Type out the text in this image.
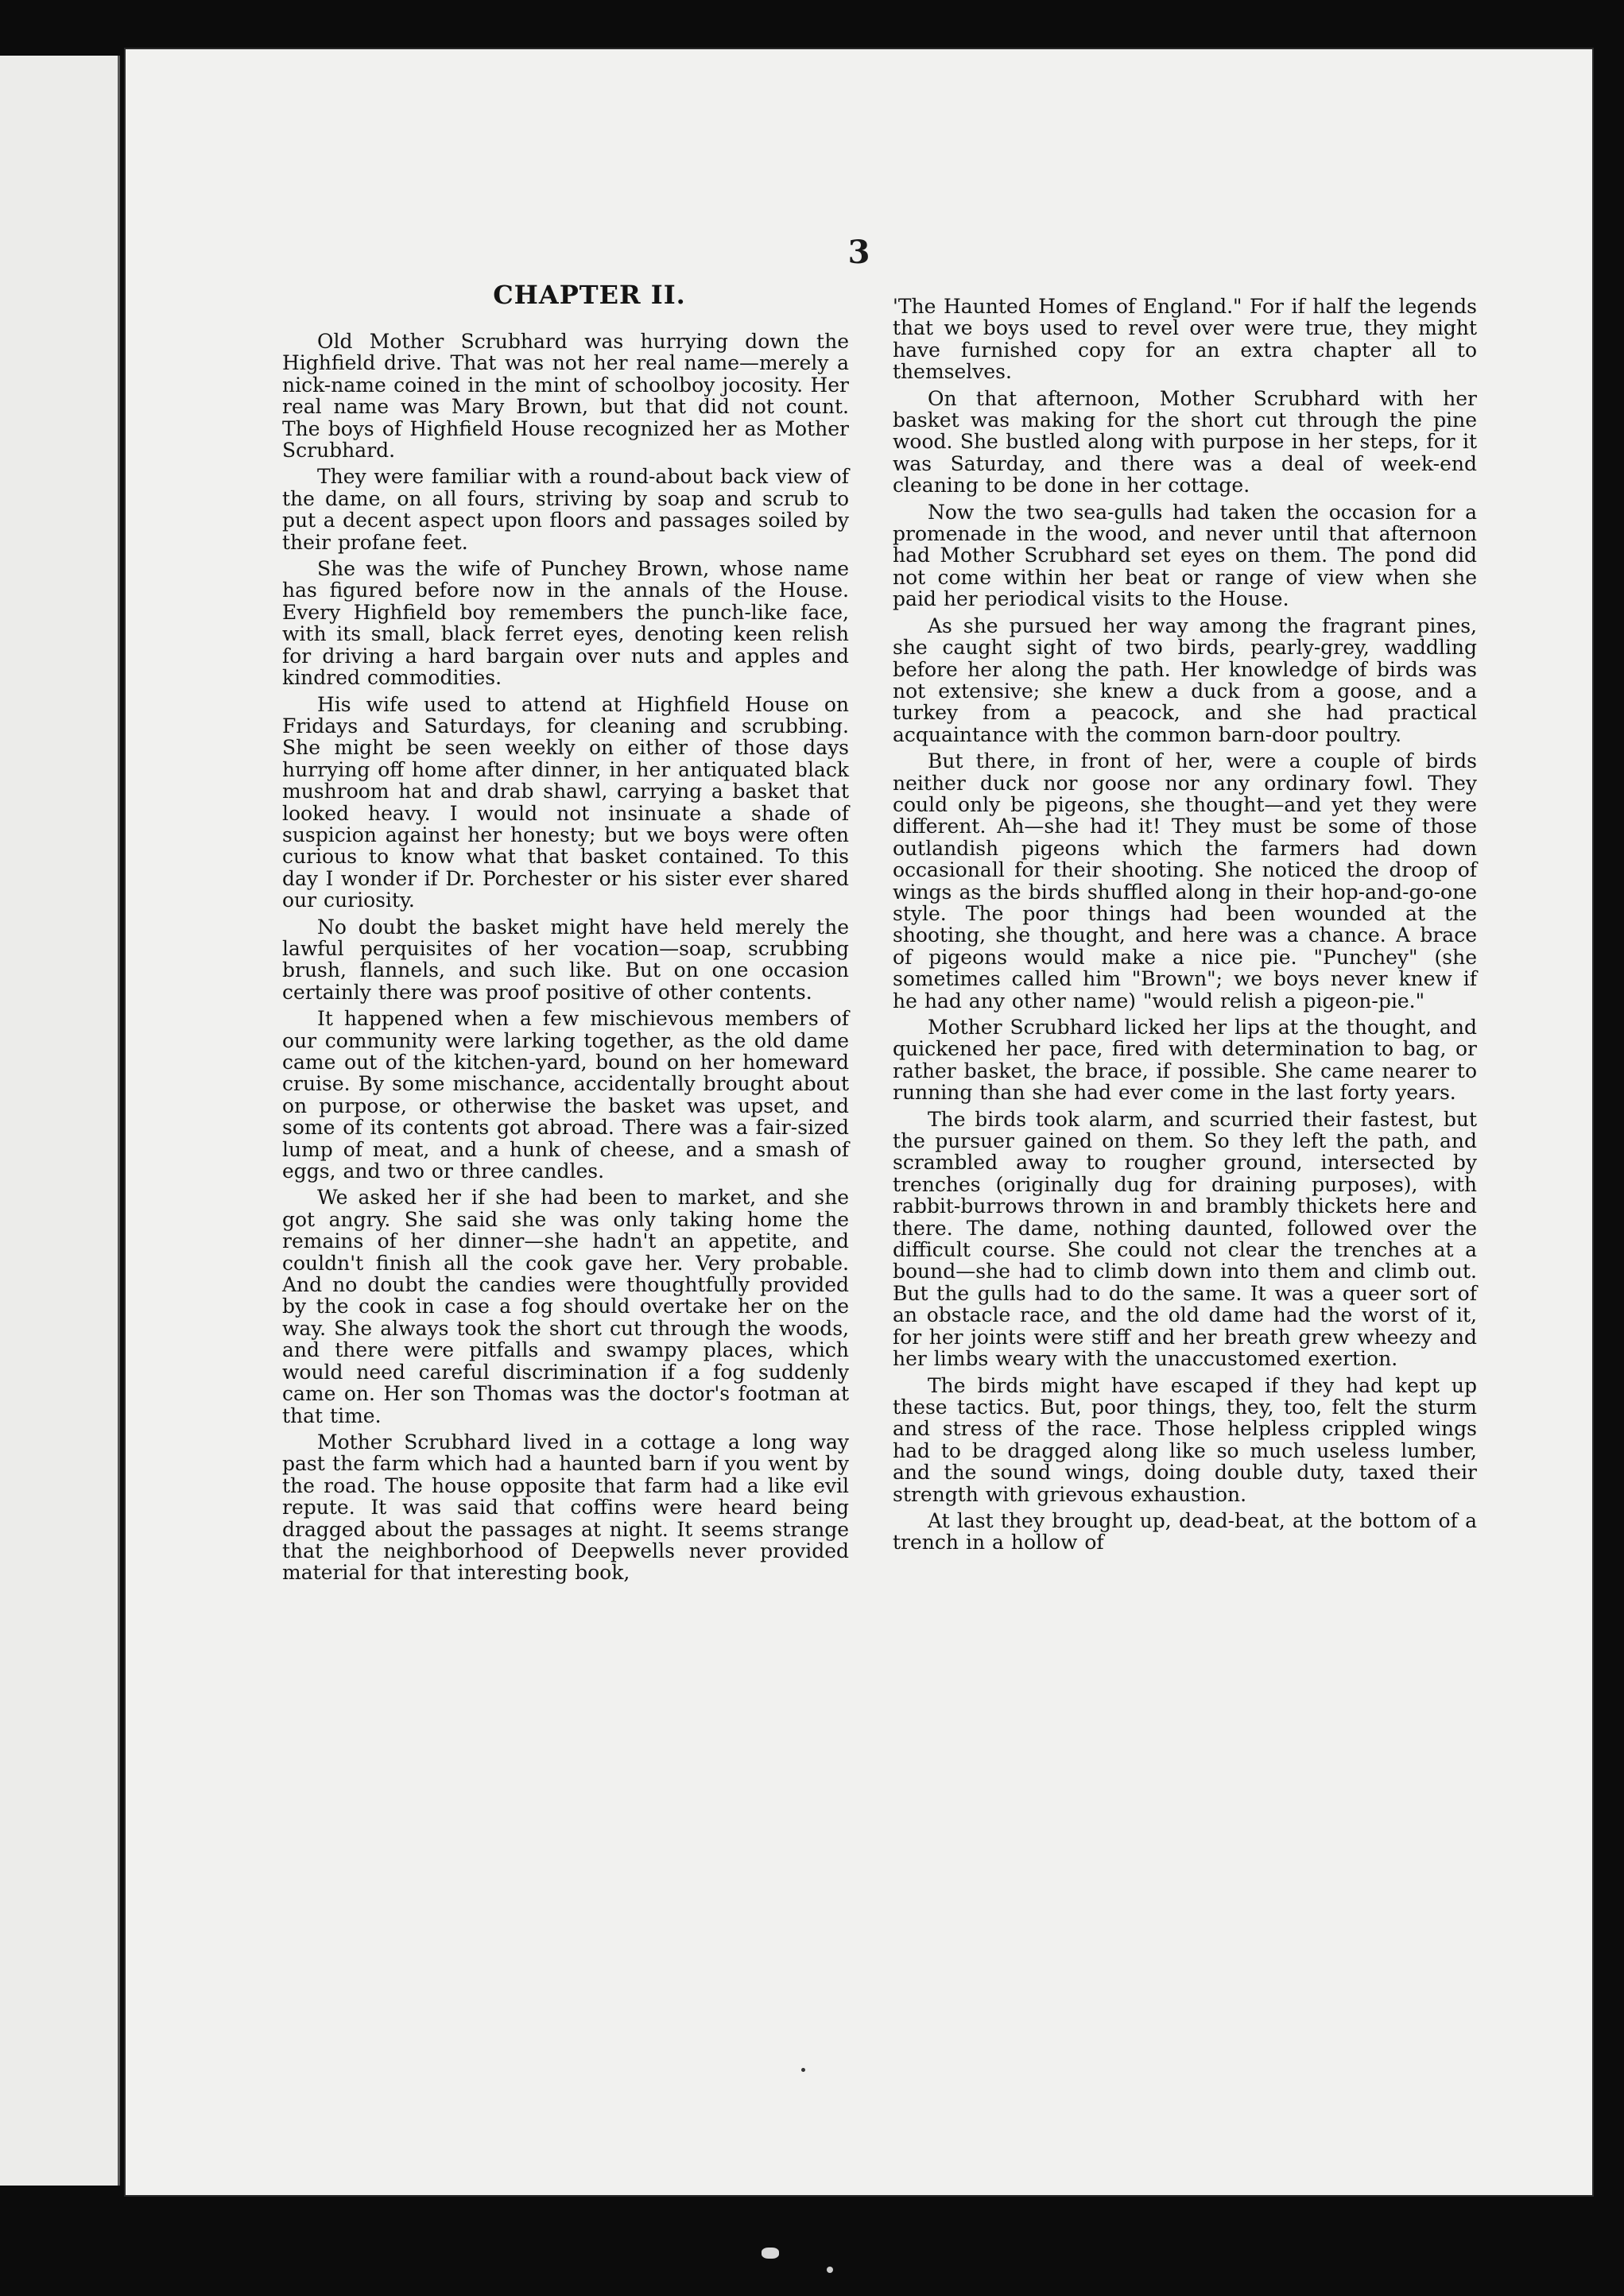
3
CHAPTER II.

Old Mother Scrubhard was hurrying down the Highfield drive. That was not her real name—merely a nick-name coined in the mint of schoolboy jocosity. Her real name was Mary Brown, but that did not count. The boys of Highfield House recognized her as Mother Scrubhard.

They were familiar with a round-about back view of the dame, on all fours, striving by soap and scrub to put a decent aspect upon floors and passages soiled by their profane feet.

She was the wife of Punchey Brown, whose name has figured before now in the annals of the House. Every Highfield boy remembers the punch-like face, with its small, black ferret eyes, denoting keen relish for driving a hard bargain over nuts and apples and kindred commodities.

His wife used to attend at Highfield House on Fridays and Saturdays, for cleaning and scrubbing. She might be seen weekly on either of those days hurrying off home after dinner, in her antiquated black mushroom hat and drab shawl, carrying a basket that looked heavy. I would not insinuate a shade of suspicion against her honesty; but we boys were often curious to know what that basket contained. To this day I wonder if Dr. Porchester or his sister ever shared our curiosity.

No doubt the basket might have held merely the lawful perquisites of her vocation—soap, scrubbing brush, flannels, and such like. But on one occasion certainly there was proof positive of other contents.

It happened when a few mischievous members of our community were larking together, as the old dame came out of the kitchen-yard, bound on her homeward cruise. By some mischance, accidentally brought about on purpose, or otherwise the basket was upset, and some of its contents got abroad. There was a fair-sized lump of meat, and a hunk of cheese, and a smash of eggs, and two or three candles.

We asked her if she had been to market, and she got angry. She said she was only taking home the remains of her dinner—she hadn't an appetite, and couldn't finish all the cook gave her. Very probable. And no doubt the candies were thoughtfully provided by the cook in case a fog should overtake her on the way. She always took the short cut through the woods, and there were pitfalls and swampy places, which would need careful discrimination if a fog suddenly came on. Her son Thomas was the doctor's footman at that time.

Mother Scrubhard lived in a cottage a long way past the farm which had a haunted barn if you went by the road. The house opposite that farm had a like evil repute. It was said that coffins were heard being dragged about the passages at night. It seems strange that the neighborhood of Deepwells never provided material for that interesting book,

'The Haunted Homes of England." For if half the legends that we boys used to revel over were true, they might have furnished copy for an extra chapter all to themselves.

On that afternoon, Mother Scrubhard with her basket was making for the short cut through the pine wood. She bustled along with purpose in her steps, for it was Saturday, and there was a deal of week-end cleaning to be done in her cottage.

Now the two sea-gulls had taken the occasion for a promenade in the wood, and never until that afternoon had Mother Scrubhard set eyes on them. The pond did not come within her beat or range of view when she paid her periodical visits to the House.

As she pursued her way among the fragrant pines, she caught sight of two birds, pearly-grey, waddling before her along the path. Her knowledge of birds was not extensive; she knew a duck from a goose, and a turkey from a peacock, and she had practical acquaintance with the common barn-door poultry.

But there, in front of her, were a couple of birds neither duck nor goose nor any ordinary fowl. They could only be pigeons, she thought—and yet they were different. Ah—she had it! They must be some of those outlandish pigeons which the farmers had down occasionall for their shooting. She noticed the droop of wings as the birds shuffled along in their hop-and-go-one style. The poor things had been wounded at the shooting, she thought, and here was a chance. A brace of pigeons would make a nice pie. "Punchey" (she sometimes called him "Brown"; we boys never knew if he had any other name) "would relish a pigeon-pie."

Mother Scrubhard licked her lips at the thought, and quickened her pace, fired with determination to bag, or rather basket, the brace, if possible. She came nearer to running than she had ever come in the last forty years.

The birds took alarm, and scurried their fastest, but the pursuer gained on them. So they left the path, and scrambled away to rougher ground, intersected by trenches (originally dug for draining purposes), with rabbit-burrows thrown in and brambly thickets here and there. The dame, nothing daunted, followed over the difficult course. She could not clear the trenches at a bound—she had to climb down into them and climb out. But the gulls had to do the same. It was a queer sort of an obstacle race, and the old dame had the worst of it, for her joints were stiff and her breath grew wheezy and her limbs weary with the unaccustomed exertion.

The birds might have escaped if they had kept up these tactics. But, poor things, they, too, felt the sturm and stress of the race. Those helpless crippled wings had to be dragged along like so much useless lumber, and the sound wings, doing double duty, taxed their strength with grievous exhaustion.

At last they brought up, dead-beat, at the bottom of a trench in a hollow of
